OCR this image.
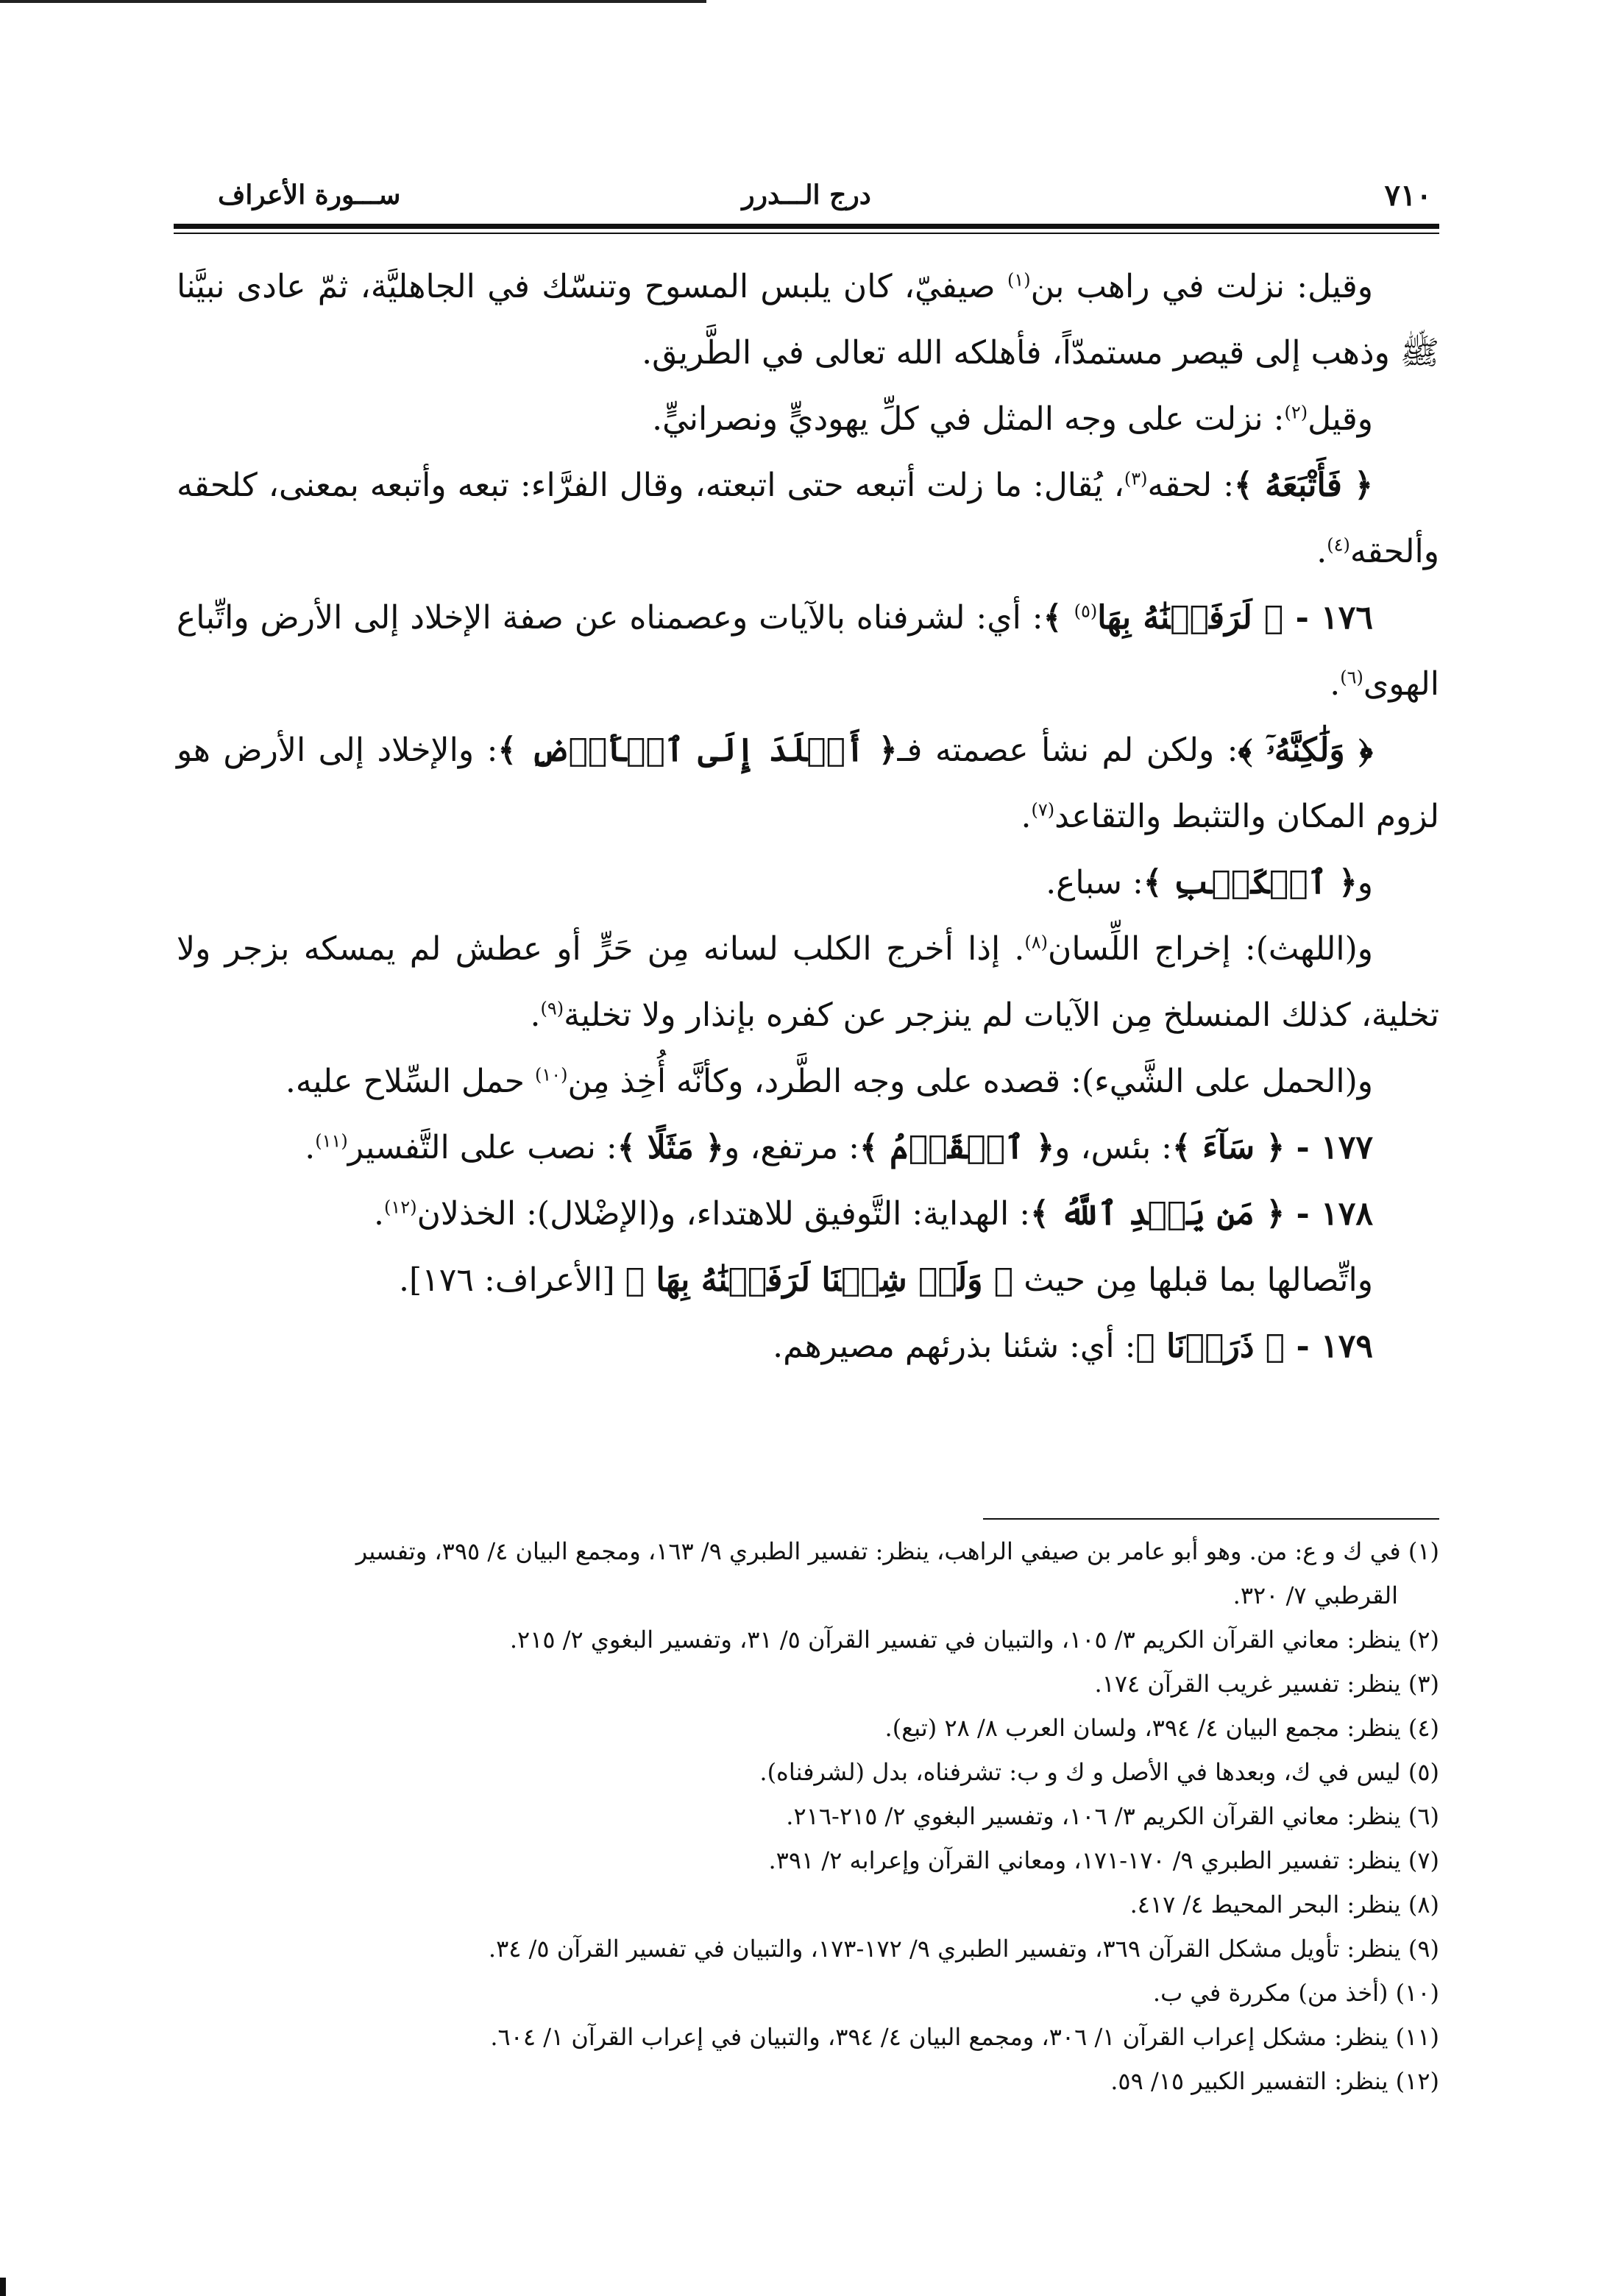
٧١٠
درج الـــدرر
ســـورة الأعراف

وقيل: نزلت في راهب بن$^{(١)}$ صيفيّ، كان يلبس المسوح وتنسّك في الجاهليَّة، ثمّ عادى نبيَّنا ﷺ وذهب إلى قيصر مستمدّاً، فأهلكه الله تعالى في الطَّريق.

وقيل$^{(٢)}$: نزلت على وجه المثل في كلِّ يهوديٍّ ونصرانيٍّ.

﴿ فَأَتْبَعَهُ ﴾: لحقه$^{(٣)}$، يُقال: ما زلت أتبعه حتى اتبعته، وقال الفرَّاء: تبعه وأتبعه بمعنى، كلحقه وألحقه$^{(٤)}$.

١٧٦ - ﴿ لَرَفَعۡنَٰهُ بِهَا$^{(٥)}$ ﴾: أي: لشرفناه بالآيات وعصمناه عن صفة الإخلاد إلى الأرض واتِّباع الهوى$^{(٦)}$.

﴿ وَلَٰكِنَّهُۥٓ ﴾: ولكن لم نشأ عصمته فـ﴿ أَخۡلَدَ إِلَى ٱلۡأَرۡضِ ﴾: والإخلاد إلى الأرض هو لزوم المكان والتثبط والتقاعد$^{(٧)}$.

و﴿ ٱلۡكَلۡبِ ﴾: سباع.

و(اللهث): إخراج اللِّسان$^{(٨)}$. إذا أخرج الكلب لسانه مِن حَرٍّ أو عطش لم يمسكه بزجر ولا تخلية، كذلك المنسلخ مِن الآيات لم ينزجر عن كفره بإنذار ولا تخلية$^{(٩)}$.

و(الحمل على الشَّيء): قصده على وجه الطَّرد، وكأنَّه أُخِذ مِن$^{(١٠)}$ حمل السِّلاح عليه.

١٧٧ - ﴿ سَآءَ ﴾: بئس، و﴿ ٱلۡقَوۡمُ ﴾: مرتفع، و﴿ مَثَلًا ﴾: نصب على التَّفسير$^{(١١)}$.

١٧٨ - ﴿ مَن يَهۡدِ ٱللَّهُ ﴾: الهداية: التَّوفيق للاهتداء، و(الإضْلال): الخذلان$^{(١٢)}$.

واتِّصالها بما قبلها مِن حيث ﴿ وَلَوۡ شِئۡنَا لَرَفَعۡنَٰهُ بِهَا ﴾ [الأعراف: ١٧٦].

١٧٩ - ﴿ ذَرَأۡنَا ﴾: أي: شئنا بذرئهم مصيرهم.

(١) في ك و ع: من. وهو أبو عامر بن صيفي الراهب، ينظر: تفسير الطبري ٩/ ١٦٣، ومجمع البيان ٤/ ٣٩٥، وتفسير
القرطبي ٧/ ٣٢٠.

(٢) ينظر: معاني القرآن الكريم ٣/ ١٠٥، والتبيان في تفسير القرآن ٥/ ٣١، وتفسير البغوي ٢/ ٢١٥.

(٣) ينظر: تفسير غريب القرآن ١٧٤.

(٤) ينظر: مجمع البيان ٤/ ٣٩٤، ولسان العرب ٨/ ٢٨ (تبع).

(٥) ليس في ك، وبعدها في الأصل و ك و ب: تشرفناه، بدل (لشرفناه).

(٦) ينظر: معاني القرآن الكريم ٣/ ١٠٦، وتفسير البغوي ٢/ ٢١٥-٢١٦.

(٧) ينظر: تفسير الطبري ٩/ ١٧٠-١٧١، ومعاني القرآن وإعرابه ٢/ ٣٩١.

(٨) ينظر: البحر المحيط ٤/ ٤١٧.

(٩) ينظر: تأويل مشكل القرآن ٣٦٩، وتفسير الطبري ٩/ ١٧٢-١٧٣، والتبيان في تفسير القرآن ٥/ ٣٤.

(١٠) (أخذ من) مكررة في ب.

(١١) ينظر: مشكل إعراب القرآن ١/ ٣٠٦، ومجمع البيان ٤/ ٣٩٤، والتبيان في إعراب القرآن ١/ ٦٠٤.

(١٢) ينظر: التفسير الكبير ١٥/ ٥٩.
